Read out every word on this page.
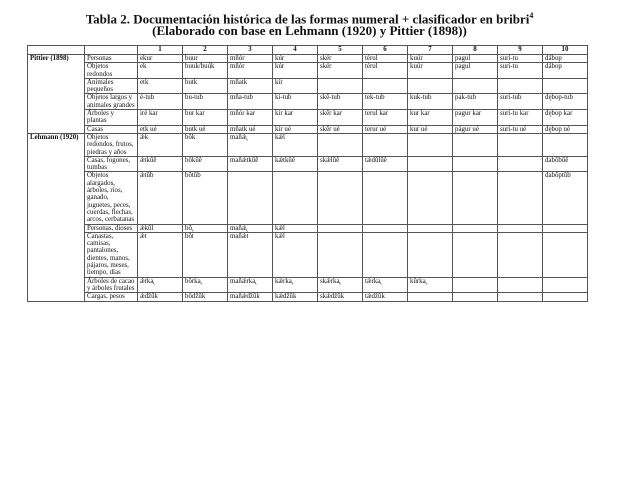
Tabla 2. Documentación histórica de las formas numeral + clasificador en bribri$^4$
(Elaborado con base en Lehmann (1920) y Pittier (1898))
		1	2	3	4	5	6	7	8	9	10
Pittier (1898)	Personas	ekur	buur	mñór	kúr	skér	térul	kuúr	pagul	surí-tu	dábop
	Objetos redondos	ek	buuk/buúk	mñór	kúr	skér	térul	kuúr	pagul	surí-tu	dábop
	Animales pequeños	etk	butk	mñatk	kír						
	Objetos largos y animales grandes	é-tub	bu-tub	mña-tub	ki-tub	skē-tub	tek-tub	kuk-tub	pak-tub	surí-tub	dębop-tub
	Árboles y plantas	iré kar	bur kar	mñór kar	kir kar	skēr kar	terul kar	kur kar	pagur kar	surí-tu kar	dębop kar
	Casas	etk ué	butk ué	mñatk ué	kír ué	skēr ué	terur ué	kur ué	págur ué	surí-tu ué	dębop ué
Lehmann (1920)	Objetos redondos, frutos, piedras y años	ǽk	bŏk	mañǽ̢	kǽl						
	Casas, fogones, tumbas	ǽtkŭě	bŏkŭě	mañǽtkŭě	kǽtkŭě	skǽlŭě	tǽdŭlŭě				dabŏbŭě
	Objetos alargados, árboles, ríos, ganado, juguetes, peces, cuerdas, flechas, arcos, cerbatanas	ǽtŭb	bŏtŭb								dabŏptŭb
	Personas, dioses	ǽkŭl	bŏ̢	mañǽ̢	kǽl						
	Canastas, camisas, pantalones, dientes, manos, pájaros, meses, tiempo, días	ǽt	bŏt	mañǽt	kǽl						
	Árboles de cacao y árboles frutales	ǽrka̢	bŏrka̢	mañǽrka̢	kǽrka̢	skǽrka̢	tǽrka̢	kŭrka̢			
	Cargas, pesos	ǽdžŭk	bŏdžŭk	mañǽdžŭk	kǽdžŭk	skǽdžŭk	tǽdžŭk				
